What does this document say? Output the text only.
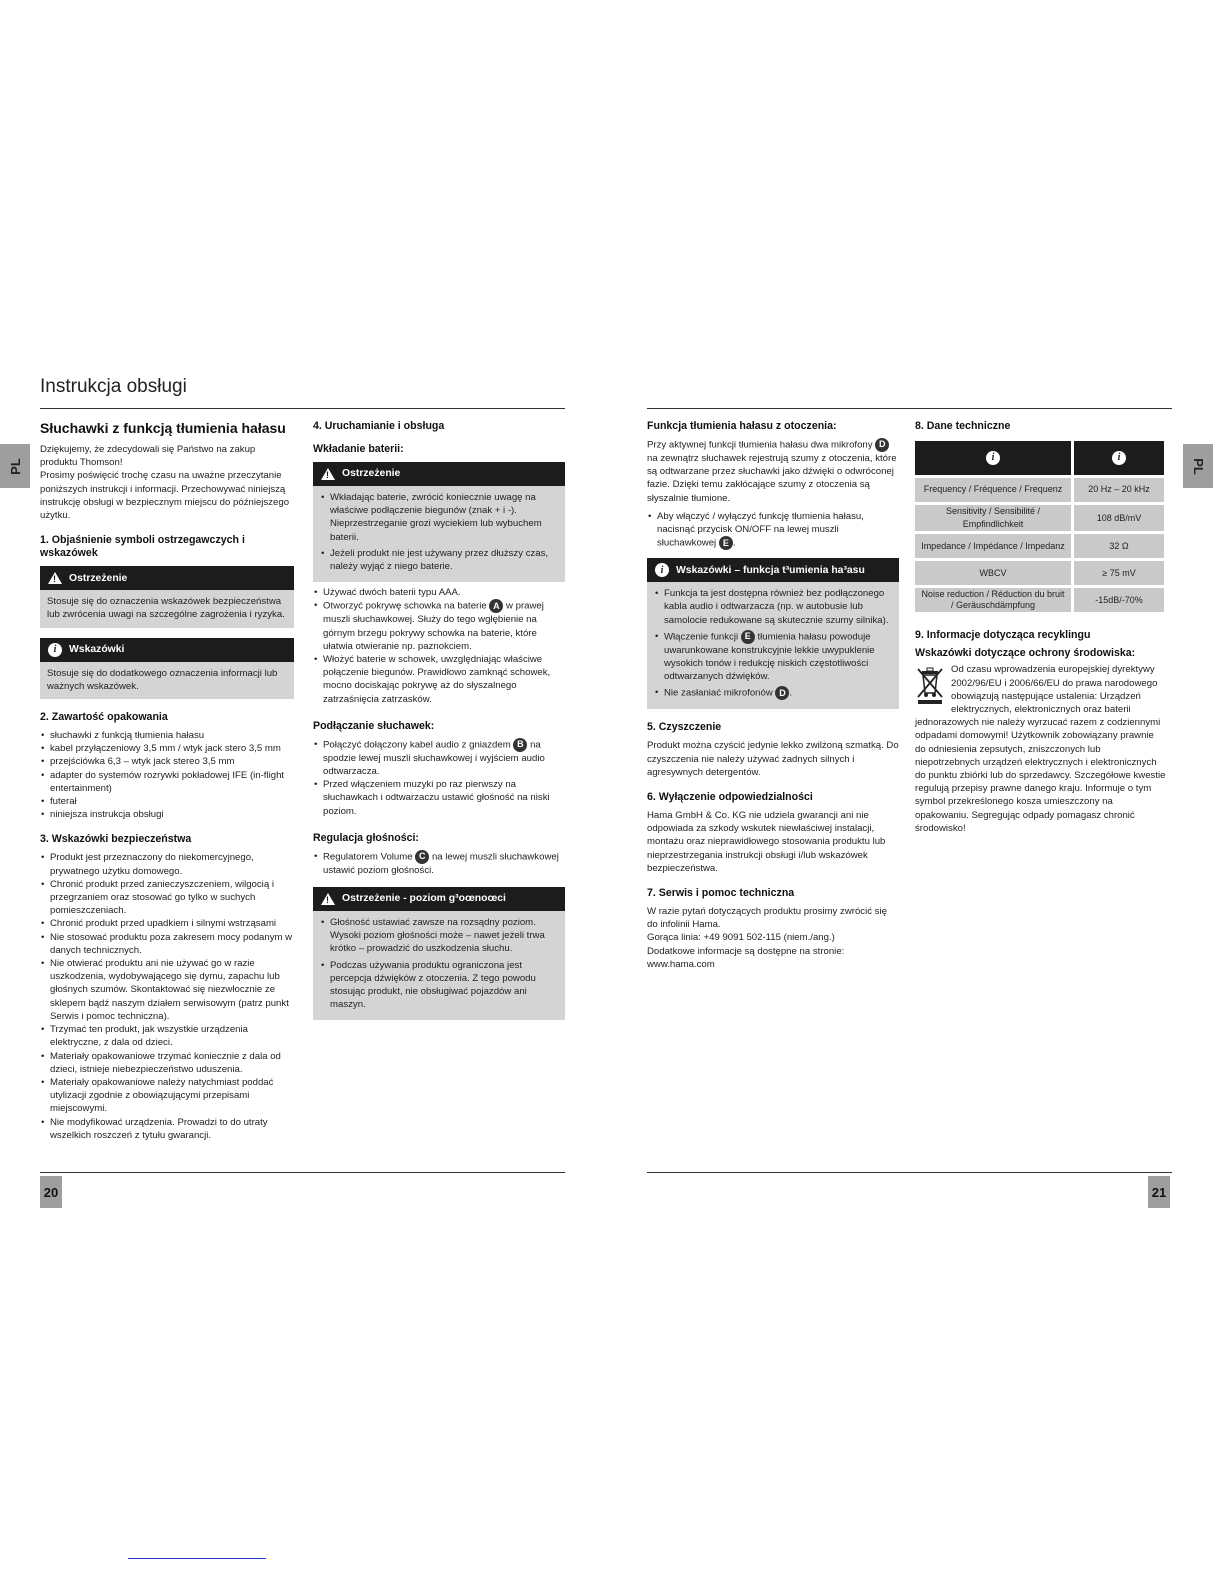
Instrukcja obsługi
PL	PL
Słuchawki z funkcją tłumienia hałasu

Dziękujemy, że zdecydowali się Państwo na zakup produktu Thomson!

Prosimy poświęcić trochę czasu na uważne przeczytanie poniższych instrukcji i informacji. Przechowywać niniejszą instrukcję obsługi w bezpiecznym miejscu do późniejszego użytku.

1. Objaśnienie symboli ostrzegawczych i wskazówek
!
Ostrzeżenie
Stosuje się do oznaczenia wskazówek bezpieczeństwa lub zwrócenia uwagi na szczególne zagrożenia i ryzyka.
i	Wskazówki
Stosuje się do dodatkowego oznaczenia informacji lub ważnych wskazówek.
2. Zawartość opakowania
• słuchawki z funkcją tłumienia hałasu
• kabel przyłączeniowy 3,5 mm / wtyk jack stero 3,5 mm
• przejściówka 6,3 – wtyk jack stereo 3,5 mm
• adapter do systemów rozrywki pokładowej IFE (in-flight entertainment)
• futerał
• niniejsza instrukcja obsługi
3. Wskazówki bezpieczeństwa
• Produkt jest przeznaczony do niekomercyjnego, prywatnego użytku domowego.
• Chronić produkt przed zanieczyszczeniem, wilgocią i przegrzaniem oraz stosować go tylko w suchych pomieszczeniach.
• Chronić produkt przed upadkiem i silnymi wstrząsami
• Nie stosować produktu poza zakresem mocy podanym w danych technicznych.
• Nie otwierać produktu ani nie używać go w razie uszkodzenia, wydobywającego się dymu, zapachu lub głośnych szumów. Skontaktować się niezwłocznie ze sklepem bądź naszym działem serwisowym (patrz punkt Serwis i pomoc techniczna).
• Trzymać ten produkt, jak wszystkie urządzenia elektryczne, z dala od dzieci.
• Materiały opakowaniowe trzymać koniecznie z dala od dzieci, istnieje niebezpieczeństwo uduszenia.
• Materiały opakowaniowe należy natychmiast poddać utylizacji zgodnie z obowiązującymi przepisami miejscowymi.
• Nie modyfikować urządzenia. Prowadzi to do utraty wszelkich roszczeń z tytułu gwarancji.
4. Uruchamianie i obsługa
Wkładanie baterii:
!
Ostrzeżenie
• Wkładając baterie, zwrócić koniecznie uwagę na właściwe podłączenie biegunów (znak + i -). Nieprzestrzeganie grozi wyciekiem lub wybuchem baterii.
• Jeżeli produkt nie jest używany przez dłuższy czas, należy wyjąć z niego baterie.
• Używać dwóch baterii typu AAA.
• Otworzyć pokrywę schowka na baterie A w prawej muszli słuchawkowej. Służy do tego wgłębienie na górnym brzegu pokrywy schowka na baterie, które ułatwia otwieranie np. paznokciem.
• Włożyć baterie w schowek, uwzględniając właściwe połączenie biegunów. Prawidłowo zamknąć schowek, mocno dociskając pokrywę aż do słyszalnego zatrzaśnięcia zatrzasków.
Podłączanie słuchawek:
• Połączyć dołączony kabel audio z gniazdem B na spodzie lewej muszli słuchawkowej i wyjściem audio odtwarzacza.
• Przed włączeniem muzyki po raz pierwszy na słuchawkach i odtwarzaczu ustawić głośność na niski poziom.
Regulacja głośności:
• Regulatorem Volume C na lewej muszli słuchawkowej ustawić poziom głośności.
!
Ostrzeżenie - poziom g³oœnoœci
• Głośność ustawiać zawsze na rozsądny poziom. Wysoki poziom głośności może – nawet jeżeli trwa krótko – prowadzić do uszkodzenia słuchu.
• Podczas używania produktu ograniczona jest percepcja dźwięków z otoczenia. Z tego powodu stosując produkt, nie obsługiwać pojazdów ani maszyn.
Funkcja tłumienia hałasu z otoczenia:

Przy aktywnej funkcji tłumienia hałasu dwa mikrofony D na zewnątrz słuchawek rejestrują szumy z otoczenia, które są odtwarzane przez słuchawki jako dźwięki o odwróconej fazie. Dzięki temu zakłócające szumy z otoczenia są słyszalnie tłumione.

• Aby włączyć / wyłączyć funkcję tłumienia hałasu, nacisnąć przycisk ON/OFF na lewej muszli słuchawkowej E .
i	Wskazówki – funkcja t³umienia ha³asu
• Funkcja ta jest dostępna również bez podłączonego kabla audio i odtwarzacza (np. w autobusie lub samolocie redukowane są skutecznie szumy silnika).
• Włączenie funkcji E tłumienia hałasu powoduje uwarunkowane konstrukcyjnie lekkie uwypuklenie wysokich tonów i redukcję niskich częstotliwości odtwarzanych dźwięków.
• Nie zasłaniać mikrofonów D .
5. Czyszczenie

Produkt można czyścić jedynie lekko zwilżoną szmatką. Do czyszczenia nie należy używać żadnych silnych i agresywnych detergentów.

6. Wyłączenie odpowiedzialności

Hama GmbH & Co. KG nie udziela gwarancji ani nie odpowiada za szkody wskutek niewłaściwej instalacji, montażu oraz nieprawidłowego stosowania produktu lub nieprzestrzegania instrukcji obsługi i/lub wskazówek bezpieczeństwa.

7. Serwis i pomoc techniczna

W razie pytań dotyczących produktu prosimy zwrócić się do infolinii Hama.

Gorąca linia: +49 9091 502-115 (niem./ang.)

Dodatkowe informacje są dostępne na stronie:

www.hama.com

8. Dane techniczne
i	i

Frequency / Fréquence / Frequenz	20 Hz – 20 kHz
Sensitivity / Sensibilité / Empfindlichkeit	108 dB/mV
Impedance / Impédance / Impedanz	32 Ω
WBCV	≥ 75 mV
Noise reduction / Réduction du bruit / Geräuschdämpfung	-15dB/-70%
9. Informacje dotycząca recyklingu
Wskazówki dotyczące ochrony środowiska:

Od czasu wprowadzenia europejskiej dyrektywy 2002/96/EU i 2006/66/EU do prawa narodowego obowiązują następujące ustalenia: Urządzeń elektrycznych, elektronicznych oraz baterii jednorazowych nie należy wyrzucać razem z codziennymi odpadami domowymi! Użytkownik zobowiązany prawnie do odniesienia zepsutych, zniszczonych lub niepotrzebnych urządzeń elektrycznych i elektronicznych do punktu zbiórki lub do sprzedawcy. Szczegółowe kwestie regulują przepisy prawne danego kraju. Informuje o tym symbol przekreślonego kosza umieszczony na opakowaniu. Segregując odpady pomagasz chronić środowisko!

20	21
